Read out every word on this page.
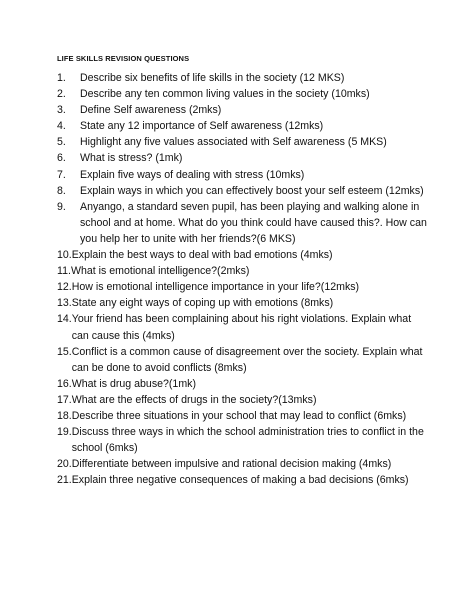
LIFE SKILLS REVISION QUESTIONS
1.	Describe six benefits of life skills in the society (12 MKS)
2.	Describe any ten common living values in the society (10mks)
3.	Define Self awareness (2mks)
4.	State any 12 importance of Self awareness (12mks)
5.	Highlight any five values associated with Self awareness (5 MKS)
6.	What is stress? (1mk)
7.	Explain five ways of dealing with stress (10mks)
8.	Explain ways in which you can effectively boost your self esteem (12mks)
9.	Anyango, a standard seven pupil, has been playing and walking alone in
school and at home. What do you think could have caused this?. How can
you help her to unite with her friends?(6 MKS)
10. Explain the best ways to deal with bad emotions (4mks)
11. What is emotional intelligence?(2mks)
12. How is emotional intelligence importance in your life?(12mks)
13. State any eight ways of coping up with emotions (8mks)
14. Your friend has been complaining about his right violations. Explain what
can cause this (4mks)
15. Conflict is a common cause of disagreement over the society. Explain what
can be done to avoid conflicts (8mks)
16. What is drug abuse?(1mk)
17. What are the effects of drugs in the society?(13mks)
18. Describe three situations in your school that may lead to conflict (6mks)
19. Discuss three ways in which the school administration tries to conflict in the
school (6mks)
20. Differentiate between impulsive and rational decision making (4mks)
21. Explain three negative consequences of making a bad decisions (6mks)
